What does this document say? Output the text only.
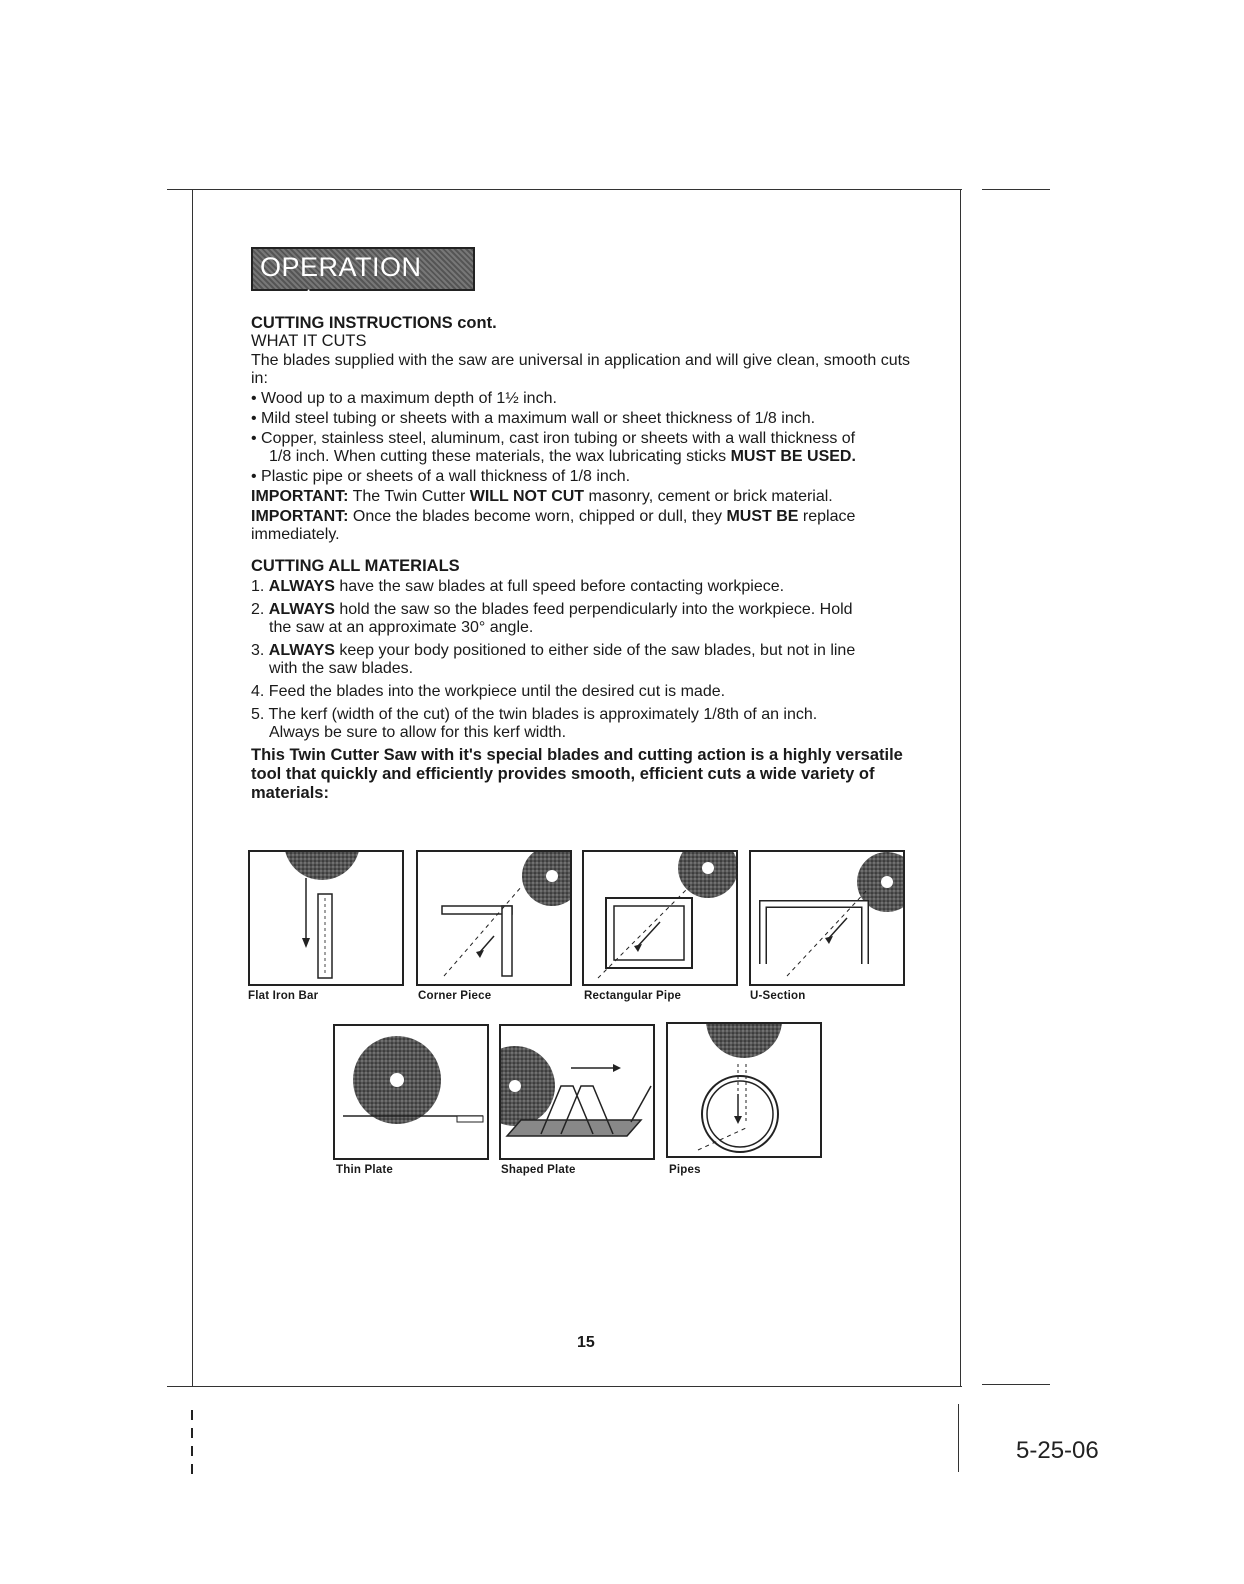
OPERATION cont.

CUTTING INSTRUCTIONS cont.

WHAT IT CUTS

The blades supplied with the saw are universal in application and will give clean, smooth cuts in:

• Wood up to a maximum depth of 1½ inch.

• Mild steel tubing or sheets with a maximum wall or sheet thickness of 1/8 inch.

• Copper, stainless steel, aluminum, cast iron tubing or sheets with a wall thickness of

1/8 inch. When cutting these materials, the wax lubricating sticks MUST BE USED.

• Plastic pipe or sheets of a wall thickness of 1/8 inch.

IMPORTANT: The Twin Cutter WILL NOT CUT masonry, cement or brick material.

IMPORTANT: Once the blades become worn, chipped or dull, they MUST BE replace immediately.

CUTTING ALL MATERIALS

1. ALWAYS have the saw blades at full speed before contacting workpiece.

2. ALWAYS hold the saw so the blades feed perpendicularly into the workpiece. Hold

the saw at an approximate 30° angle.

3. ALWAYS keep your body positioned to either side of the saw blades, but not in line

with the saw blades.

4. Feed the blades into the workpiece until the desired cut is made.

5. The kerf (width of the cut) of the twin blades is approximately 1/8th of an inch.

Always be sure to allow for this kerf width.

This Twin Cutter Saw with it's special blades and cutting action is a highly versatile tool that quickly and efficiently provides smooth, efficient cuts a wide variety of materials:

Flat Iron Bar	Corner Piece	Rectangular Pipe	U-Section
Thin Plate	Shaped Plate	Pipes
15
5-25-06
